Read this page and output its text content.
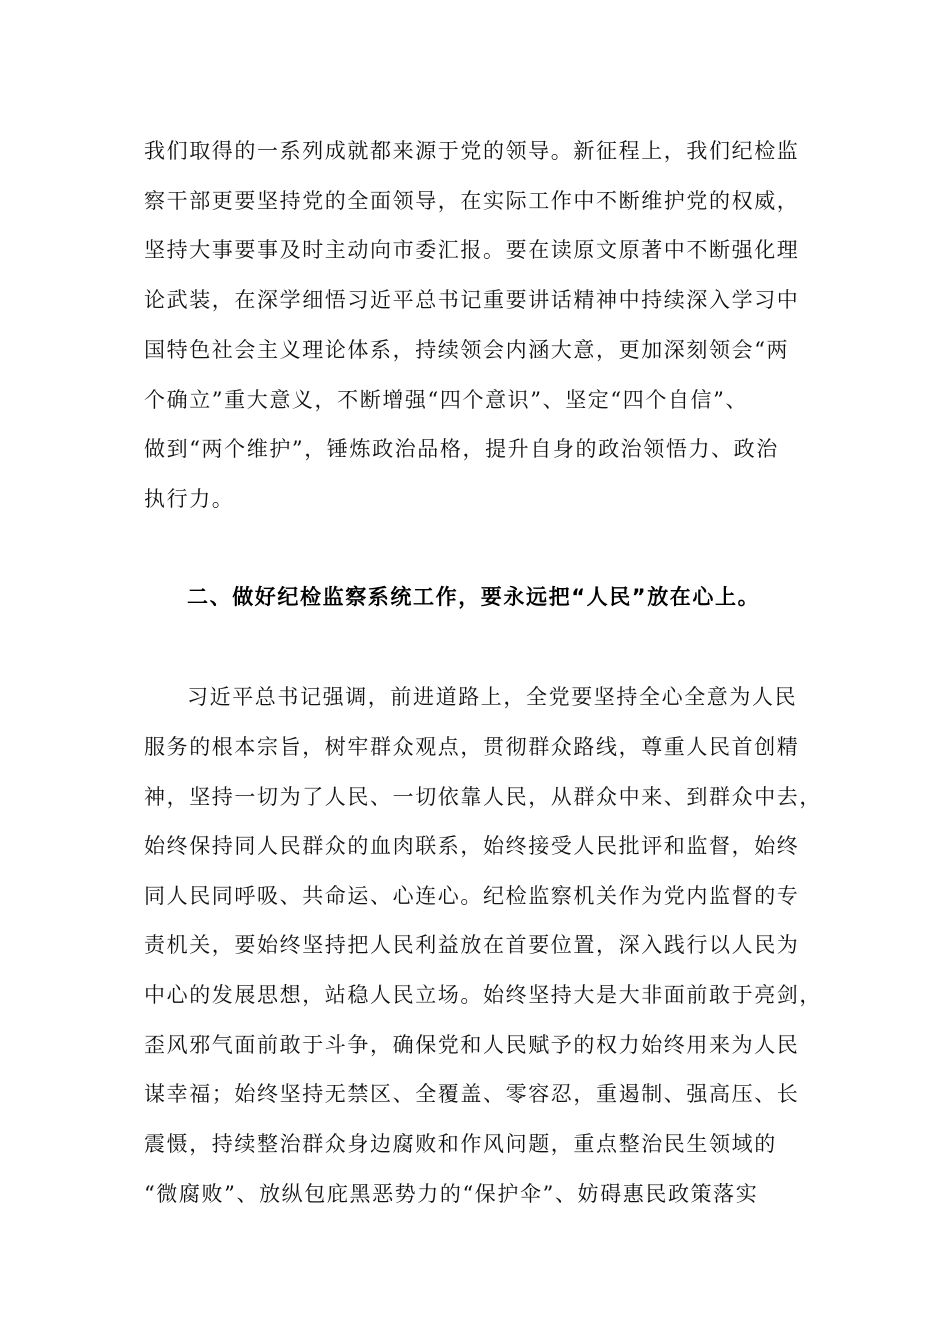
我们取得的一系列成就都来源于党的领导。新征程上，我们纪检监
察干部更要坚持党的全面领导，在实际工作中不断维护党的权威，
坚持大事要事及时主动向市委汇报。要在读原文原著中不断强化理
论武装，在深学细悟习近平总书记重要讲话精神中持续深入学习中
国特色社会主义理论体系，持续领会内涵大意，更加深刻领会“两
个确立”重大意义，不断增强“四个意识”、坚定“四个自信”、
做到“两个维护”，锤炼政治品格，提升自身的政治领悟力、政治
执行力。
二、做好纪检监察系统工作，要永远把“人民”放在心上。
习近平总书记强调，前进道路上，全党要坚持全心全意为人民
服务的根本宗旨，树牢群众观点，贯彻群众路线，尊重人民首创精
神，坚持一切为了人民、一切依靠人民，从群众中来、到群众中去，
始终保持同人民群众的血肉联系，始终接受人民批评和监督，始终
同人民同呼吸、共命运、心连心。纪检监察机关作为党内监督的专
责机关，要始终坚持把人民利益放在首要位置，深入践行以人民为
中心的发展思想，站稳人民立场。始终坚持大是大非面前敢于亮剑，
歪风邪气面前敢于斗争，确保党和人民赋予的权力始终用来为人民
谋幸福；始终坚持无禁区、全覆盖、零容忍，重遏制、强高压、长
震慑，持续整治群众身边腐败和作风问题，重点整治民生领域的
“微腐败”、放纵包庇黑恶势力的“保护伞”、妨碍惠民政策落实
